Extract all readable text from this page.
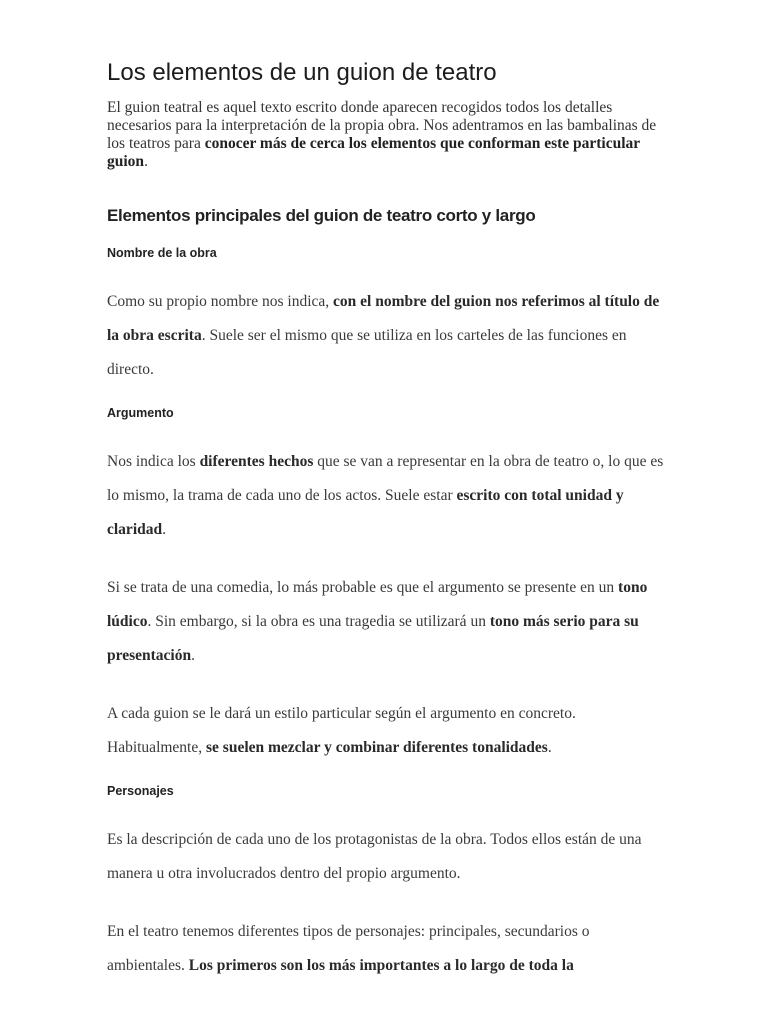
Los elementos de un guion de teatro

El guion teatral es aquel texto escrito donde aparecen recogidos todos los detalles necesarios para la interpretación de la propia obra. Nos adentramos en las bambalinas de los teatros para conocer más de cerca los elementos que conforman este particular guion.

Elementos principales del guion de teatro corto y largo
Nombre de la obra

Como su propio nombre nos indica, con el nombre del guion nos referimos al título de la obra escrita. Suele ser el mismo que se utiliza en los carteles de las funciones en directo.

Argumento

Nos indica los diferentes hechos que se van a representar en la obra de teatro o, lo que es lo mismo, la trama de cada uno de los actos. Suele estar escrito con total unidad y claridad.

Si se trata de una comedia, lo más probable es que el argumento se presente en un tono lúdico. Sin embargo, si la obra es una tragedia se utilizará un tono más serio para su presentación.

A cada guion se le dará un estilo particular según el argumento en concreto. Habitualmente, se suelen mezclar y combinar diferentes tonalidades.

Personajes

Es la descripción de cada uno de los protagonistas de la obra. Todos ellos están de una manera u otra involucrados dentro del propio argumento.

En el teatro tenemos diferentes tipos de personajes: principales, secundarios o ambientales. Los primeros son los más importantes a lo largo de toda la
